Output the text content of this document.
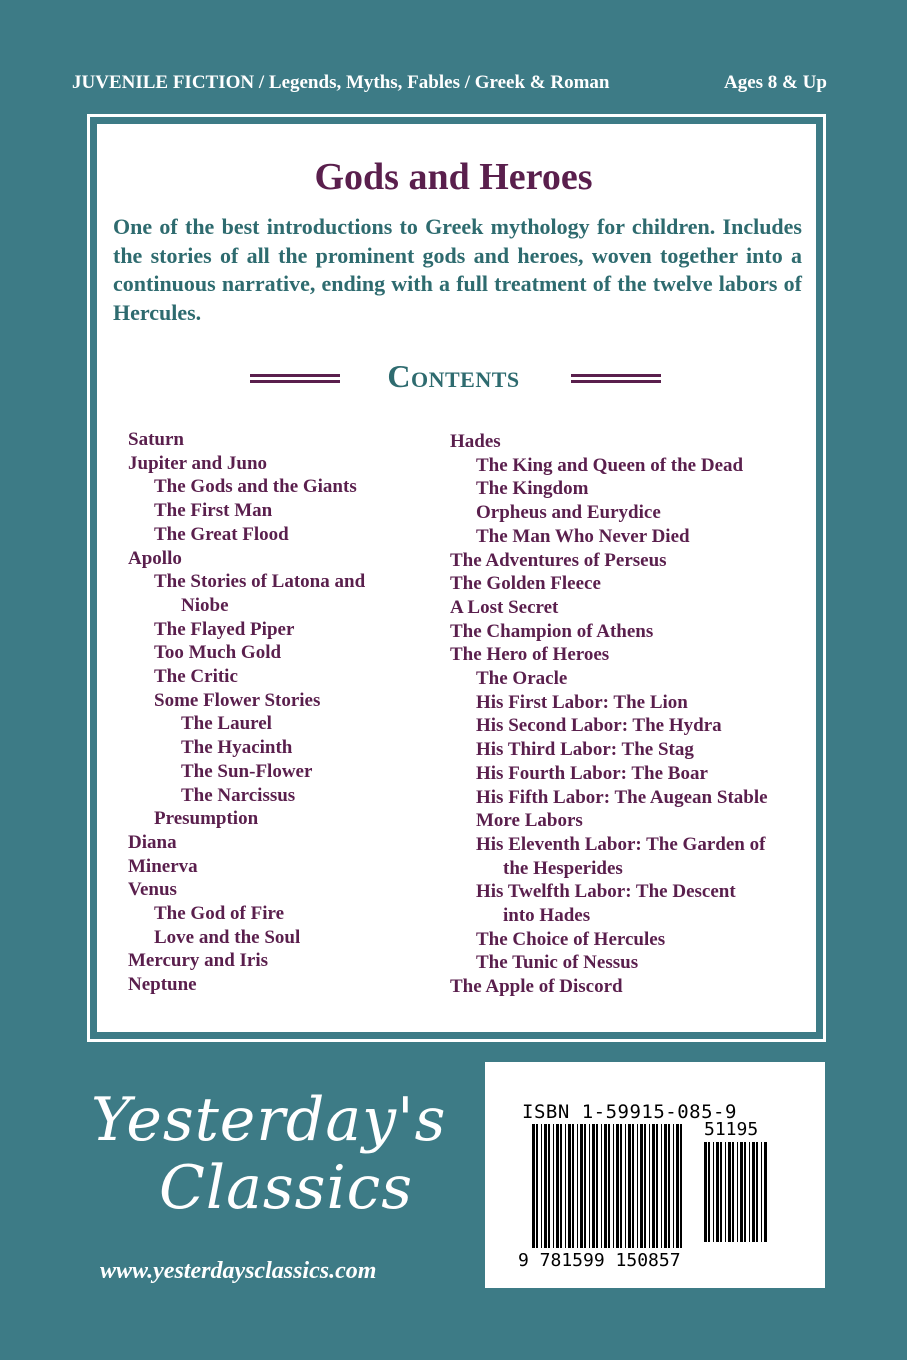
JUVENILE FICTION / Legends, Myths, Fables / Greek & Roman	Ages 8 & Up
Gods and Heroes
One of the best introductions to Greek mythology for children. Includes the stories of all the prominent gods and heroes, woven together into a continuous narrative, ending with a full treatment of the twelve labors of Hercules.
Contents
Saturn
Jupiter and Juno
The Gods and the Giants
The First Man
The Great Flood
Apollo
The Stories of Latona and
Niobe
The Flayed Piper
Too Much Gold
The Critic
Some Flower Stories
The Laurel
The Hyacinth
The Sun-Flower
The Narcissus
Presumption
Diana
Minerva
Venus
The God of Fire
Love and the Soul
Mercury and Iris
Neptune
Hades
The King and Queen of the Dead
The Kingdom
Orpheus and Eurydice
The Man Who Never Died
The Adventures of Perseus
The Golden Fleece
A Lost Secret
The Champion of Athens
The Hero of Heroes
The Oracle
His First Labor: The Lion
His Second Labor: The Hydra
His Third Labor: The Stag
His Fourth Labor: The Boar
His Fifth Labor: The Augean Stable
More Labors
His Eleventh Labor: The Garden of
the Hesperides
His Twelfth Labor: The Descent
into Hades
The Choice of Hercules
The Tunic of Nessus
The Apple of Discord
Yesterday's
Classics
www.yesterdaysclassics.com
ISBN 1-59915-085-9
51195
9 781599 150857
